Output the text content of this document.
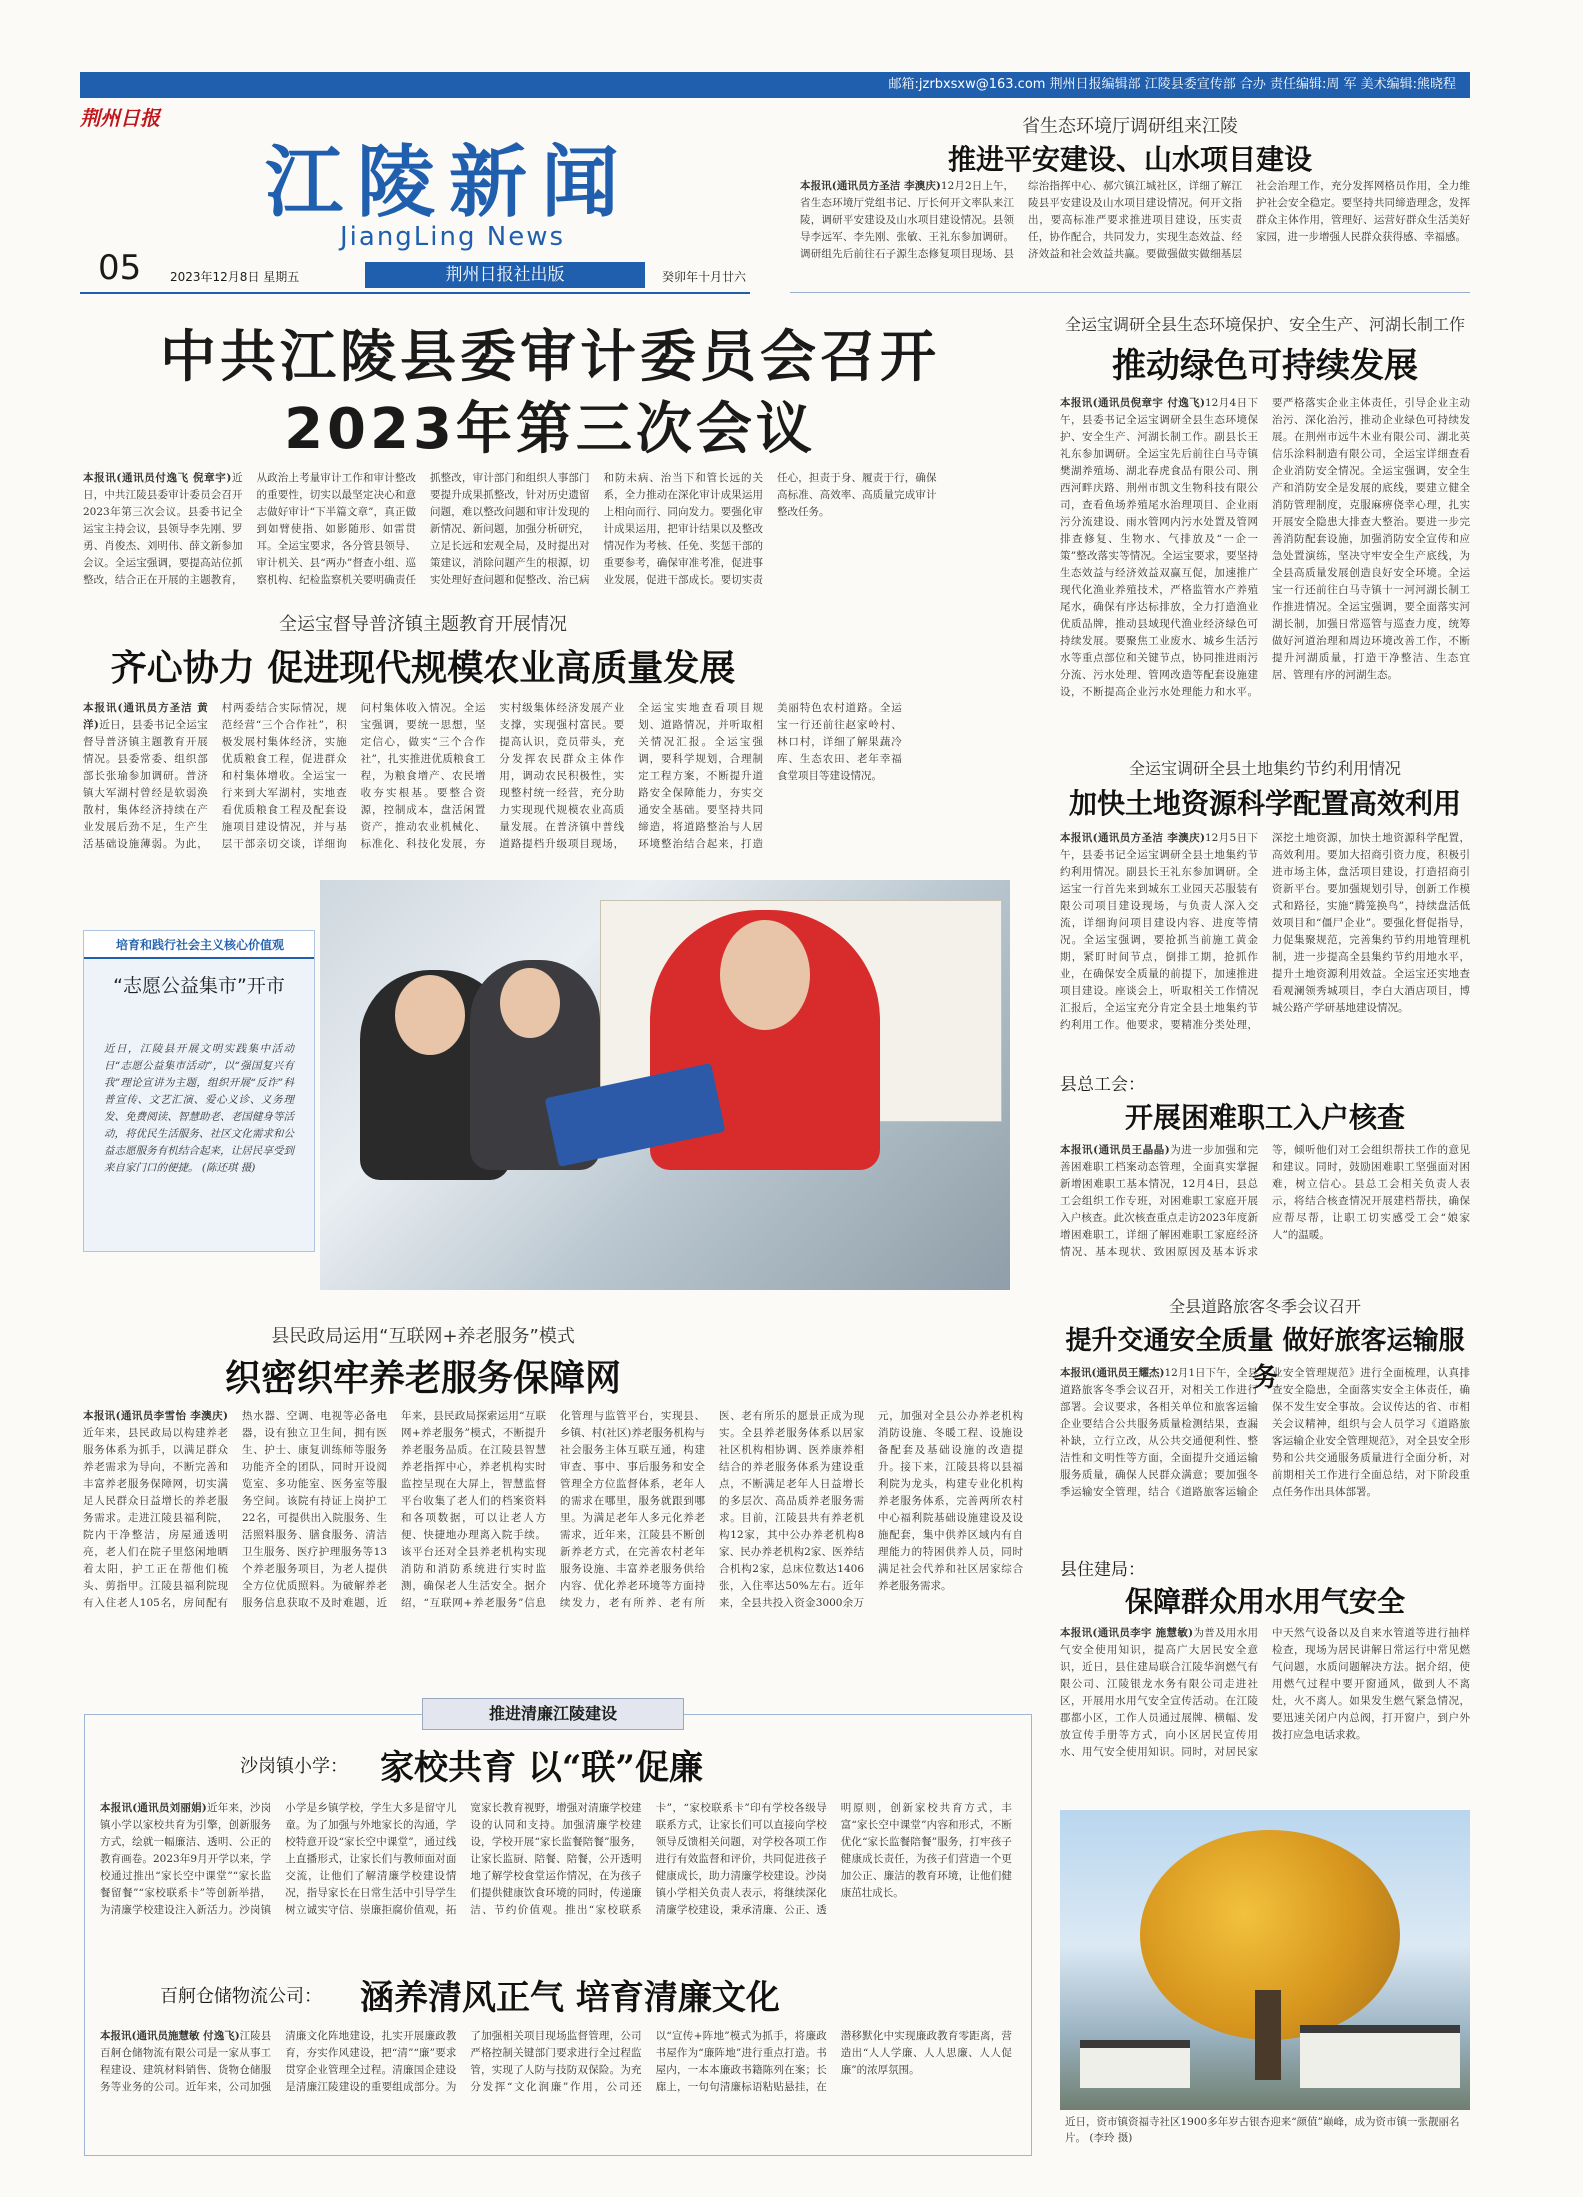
邮箱:jzrbxsxw@163.com 荆州日报编辑部 江陵县委宣传部 合办 责任编辑:周 军 美术编辑:熊晓程
荆州日报
江陵新闻
JiangLing News
05 2023年12月8日 星期五	荆州日报社出版	癸卯年十月廿六
省生态环境厅调研组来江陵
推进平安建设、山水项目建设
本报讯(通讯员方圣洁 李澳庆)12月2日上午，省生态环境厅党组书记、厅长何开文率队来江陵，调研平安建设及山水项目建设情况。县领导李远军、李先刚、张敏、王礼东参加调研。调研组先后前往石子源生态修复项目现场、县综治指挥中心、郝穴镇江城社区，详细了解江陵县平安建设及山水项目建设情况。何开文指出，要高标准严要求推进项目建设，压实责任，协作配合，共同发力，实现生态效益、经济效益和社会效益共赢。要做强做实做细基层社会治理工作，充分发挥网格员作用，全力维护社会安全稳定。要坚持共同缔造理念，发挥群众主体作用，管理好、运营好群众生活美好家园，进一步增强人民群众获得感、幸福感。
中共江陵县委审计委员会召开2023年第三次会议
本报讯(通讯员付逸飞 倪章宇)近日，中共江陵县委审计委员会召开2023年第三次会议。县委书记全运宝主持会议，县领导李先刚、罗勇、肖俊杰、刘明伟、薛文新参加会议。全运宝强调，要提高站位抓整改，结合正在开展的主题教育，从政治上考量审计工作和审计整改的重要性，切实以最坚定决心和意志做好审计“下半篇文章”，真正做到如臂使指、如影随形、如雷贯耳。全运宝要求，各分管县领导、审计机关、县“两办”督查小组、巡察机构、纪检监察机关要明确责任抓整改，审计部门和组织人事部门要提升成果抓整改，针对历史遗留问题，难以整改问题和审计发现的新情况、新问题，加强分析研究，立足长远和宏观全局，及时提出对策建议，消除问题产生的根源，切实处理好查问题和促整改、治已病和防未病、治当下和管长远的关系，全力推动在深化审计成果运用上相向而行、同向发力。要强化审计成果运用，把审计结果以及整改情况作为考核、任免、奖惩干部的重要参考，确保审准考准，促进事业发展，促进干部成长。要切实责任心，担责于身、履责于行，确保高标准、高效率、高质量完成审计整改任务。
全运宝督导普济镇主题教育开展情况
齐心协力 促进现代规模农业高质量发展
本报讯(通讯员方圣洁 黄洋)近日，县委书记全运宝督导普济镇主题教育开展情况。县委常委、组织部部长张瑜参加调研。普济镇大军湖村曾经是软弱涣散村，集体经济持续在产业发展后劲不足，生产生活基础设施薄弱。为此，村两委结合实际情况，规范经营“三个合作社”，积极发展村集体经济，实施优质粮食工程，促进群众和村集体增收。全运宝一行来到大军湖村，实地查看优质粮食工程及配套设施项目建设情况，并与基层干部亲切交谈，详细询问村集体收入情况。全运宝强调，要统一思想，坚定信心，做实“三个合作社”，扎实推进优质粮食工程，为粮食增产、农民增收夯实根基。要整合资源，控制成本，盘活闲置资产，推动农业机械化、标准化、科技化发展，夯实村级集体经济发展产业支撑，实现强村富民。要提高认识，竞员带头，充分发挥农民群众主体作用，调动农民积极性，实现整村统一经营，充分助力实现现代规模农业高质量发展。在普济镇中普线道路提档升级项目现场，全运宝实地查看项目规划、道路情况，并听取相关情况汇报。全运宝强调，要科学规划，合理制定工程方案，不断提升道路安全保障能力，夯实交通安全基础。要坚持共同缔造，将道路整治与人居环境整治结合起来，打造美丽特色农村道路。全运宝一行还前往赵家岭村、林口村，详细了解果蔬冷库、生态农田、老年幸福食堂项目等建设情况。
培育和践行社会主义核心价值观
“志愿公益集市”开市
近日，江陵县开展文明实践集中活动日“志愿公益集市活动”，以“强国复兴有我”理论宣讲为主题，组织开展“反诈”科普宣传、文艺汇演、爱心义诊、义务理发、免费阅读、智慧助老、老国健身等活动，将优民生活服务、社区文化需求和公益志愿服务有机结合起来，让居民享受到来自家门口的便捷。 (陈还琪 摄)
县民政局运用“互联网+养老服务”模式
织密织牢养老服务保障网
本报讯(通讯员李雪怡 李澳庆)近年来，县民政局以构建养老服务体系为抓手，以满足群众养老需求为导向，不断完善和丰富养老服务保障网，切实满足人民群众日益增长的养老服务需求。走进江陵县福利院，院内干净整洁，房屋通透明亮，老人们在院子里悠闲地晒着太阳，护工正在帮他们梳头、剪指甲。江陵县福利院现有入住老人105名，房间配有热水器、空调、电视等必备电器，设有独立卫生间，拥有医生、护士、康复训练师等服务功能齐全的团队，同时开设阅览室、多功能室、医务室等服务空间。该院有持证上岗护工22名，可提供出入院服务、生活照料服务、膳食服务、清洁卫生服务、医疗护理服务等13个养老服务项目，为老人提供全方位优质照料。为破解养老服务信息获取不及时难题，近年来，县民政局探索运用“互联网+养老服务”模式，不断提升养老服务品质。在江陵县智慧养老指挥中心，养老机构实时监控呈现在大屏上，智慧监督平台收集了老人们的档案资料和各项数据，可以让老人方便、快捷地办理离入院手续。该平台还对全县养老机构实现消防和消防系统进行实时监测，确保老人生活安全。据介绍，“互联网+养老服务”信息化管理与监管平台，实现县、乡镇、村(社区)养老服务机构与社会服务主体互联互通，构建审查、事中、事后服务和安全管理全方位监督体系，老年人的需求在哪里，服务就跟到哪里。为满足老年人多元化养老需求，近年来，江陵县不断创新养老方式，在完善农村老年服务设施、丰富养老服务供给内容、优化养老环境等方面持续发力，老有所养、老有所医、老有所乐的愿景正成为现实。全县养老服务体系以居家社区机构相协调、医养康养相结合的养老服务体系为建设重点，不断满足老年人日益增长的多层次、高品质养老服务需求。目前，江陵县共有养老机构12家，其中公办养老机构8家、民办养老机构2家、医养结合机构2家，总床位数达1406张，入住率达50%左右。近年来，全县共投入资金3000余万元，加强对全县公办养老机构消防设施、冬暖工程、设施设备配套及基础设施的改造提升。接下来，江陵县将以县福利院为龙头，构建专业化机构养老服务体系，完善两所农村中心福利院基础设施建设及设施配套，集中供养区域内有自理能力的特困供养人员，同时满足社会代养和社区居家综合养老服务需求。
全运宝调研全县生态环境保护、安全生产、河湖长制工作
推动绿色可持续发展
本报讯(通讯员倪章宇 付逸飞)12月4日下午，县委书记全运宝调研全县生态环境保护、安全生产、河湖长制工作。副县长王礼东参加调研。全运宝先后前往白马寺镇樊湖养殖场、湖北春虎食品有限公司、荆西河畔庆路、荆州市凯文生物科技有限公司，查看鱼场养殖尾水治理项目、企业雨污分流建设、雨水管网内污水处置及管网排查修复、生物水、气排放及“一企一策”整改落实等情况。全运宝要求，要坚持生态效益与经济效益双赢互促，加速推广现代化渔业养殖技术，严格监管水产养殖尾水，确保有序达标排放，全力打造渔业优质品牌，推动县域现代渔业经济绿色可持续发展。要聚焦工业废水、城乡生活污水等重点部位和关键节点，协同推进雨污分流、污水处理、管网改造等配套设施建设，不断提高企业污水处理能力和水平。要严格落实企业主体责任，引导企业主动治污、深化治污，推动企业绿色可持续发展。在荆州市远牛木业有限公司、湖北英信乐涂料制造有限公司，全运宝详细查看企业消防安全情况。全运宝强调，安全生产和消防安全是发展的底线，要建立健全消防管理制度，克服麻痹侥幸心理，扎实开展安全隐患大排查大整治。要进一步完善消防配套设施，加强消防安全宣传和应急处置演练，坚决守牢安全生产底线，为全县高质量发展创造良好安全环境。全运宝一行还前往白马寺镇十一河河湖长制工作推进情况。全运宝强调，要全面落实河湖长制，加强日常巡管与巡查力度，统筹做好河道治理和周边环境改善工作，不断提升河湖质量，打造干净整洁、生态宜居、管理有序的河湖生态。
全运宝调研全县土地集约节约利用情况
加快土地资源科学配置高效利用
本报讯(通讯员方圣洁 李澳庆)12月5日下午，县委书记全运宝调研全县土地集约节约利用情况。副县长王礼东参加调研。全运宝一行首先来到城东工业园天芯服装有限公司项目建设现场，与负责人深入交流，详细询问项目建设内容、进度等情况。全运宝强调，要抢抓当前施工黄金期，紧盯时间节点，倒排工期，抢抓作业，在确保安全质量的前提下，加速推进项目建设。座谈会上，听取相关工作情况汇报后，全运宝充分肯定全县土地集约节约利用工作。他要求，要精准分类处理，深挖土地资源，加快土地资源科学配置，高效利用。要加大招商引资力度，积极引进市场主体，盘活项目建设，打造招商引资新平台。要加强规划引导，创新工作模式和路径，实施“腾笼换鸟”，持续盘活低效项目和“僵尸企业”。要强化督促指导，力促集聚规范，完善集约节约用地管理机制，进一步提高全县集约节约用地水平，提升土地资源利用效益。全运宝还实地查看观澜领秀城项目，李白大酒店项目，博城公路产学研基地建设情况。
县总工会：
开展困难职工入户核查
本报讯(通讯员王晶晶)为进一步加强和完善困难职工档案动态管理，全面真实掌握新增困难职工基本情况，12月4日，县总工会组织工作专班，对困难职工家庭开展入户核查。此次核查重点走访2023年度新增困难职工，详细了解困难职工家庭经济情况、基本现状、致困原因及基本诉求等，倾听他们对工会组织帮扶工作的意见和建议。同时，鼓励困难职工坚强面对困难，树立信心。县总工会相关负责人表示，将结合核查情况开展建档帮扶，确保应帮尽帮，让职工切实感受工会“娘家人”的温暖。
全县道路旅客冬季会议召开
提升交通安全质量 做好旅客运输服务
本报讯(通讯员王耀杰)12月1日下午，全县道路旅客冬季会议召开，对相关工作进行部署。会议要求，各相关单位和旅客运输企业要结合公共服务质量检测结果，查漏补缺，立行立改，从公共交通便利性、整洁性和文明性等方面，全面提升交通运输服务质量，确保人民群众满意；要加强冬季运输安全管理，结合《道路旅客运输企业安全管理规范》进行全面梳理，认真排查安全隐患，全面落实安全主体责任，确保不发生安全事故。会议传达的省、市相关会议精神，组织与会人员学习《道路旅客运输企业安全管理规范》，对全县安全形势和公共交通服务质量进行全面分析，对前期相关工作进行全面总结，对下阶段重点任务作出具体部署。
县住建局：
保障群众用水用气安全
本报讯(通讯员李宇 施慧敏)为普及用水用气安全使用知识，提高广大居民安全意识，近日，县住建局联合江陵华润燃气有限公司、江陵银龙水务有限公司走进社区，开展用水用气安全宣传活动。在江陵郡都小区，工作人员通过展牌、横幅、发放宣传手册等方式，向小区居民宣传用水、用气安全使用知识。同时，对居民家中天然气设备以及自来水管道等进行抽样检查，现场为居民讲解日常运行中常见燃气问题，水质问题解决方法。据介绍，使用燃气过程中要开窗通风，做到人不离灶，火不离人。如果发生燃气紧急情况，要迅速关闭户内总阀，打开窗户，到户外拨打应急电话求救。
近日，资市镇资福寺社区1900多年岁古银杏迎来“颜值”巅峰，成为资市镇一张靓丽名片。 (李玲 摄)
推进清廉江陵建设
沙岗镇小学： 家校共育 以“联”促廉
本报讯(通讯员刘丽娟)近年来，沙岗镇小学以家校共育为引擎，创新服务方式，绘就一幅廉洁、透明、公正的教育画卷。2023年9月开学以来，学校通过推出“家长空中课堂”“家长监餐留餐”“家校联系卡”等创新举措，为清廉学校建设注入新活力。沙岗镇小学是乡镇学校，学生大多是留守儿童。为了加强与外地家长的沟通，学校特意开设“家长空中课堂”，通过线上直播形式，让家长们与教师面对面交流，让他们了解清廉学校建设情况，指导家长在日常生活中引导学生树立诚实守信、崇廉拒腐价值观，拓宽家长教育视野，增强对清廉学校建设的认同和支持。加强清廉学校建设，学校开展“家长监餐陪餐”服务，让家长监厨、陪餐、陪餐，公开透明地了解学校食堂运作情况，在为孩子们提供健康饮食环境的同时，传递廉洁、节约价值观。推出“家校联系卡”，“家校联系卡”印有学校各级导联系方式，让家长们可以直接向学校领导反馈相关问题，对学校各项工作进行有效监督和评价，共同促进孩子健康成长，助力清廉学校建设。沙岗镇小学相关负责人表示，将继续深化清廉学校建设，秉承清廉、公正、透明原则，创新家校共育方式，丰富“家长空中课堂”内容和形式，不断优化“家长监餐陪餐”服务，打牢孩子健康成长责任，为孩子们营造一个更加公正、廉洁的教育环境，让他们健康茁壮成长。
百舸仓储物流公司： 涵养清风正气 培育清廉文化
本报讯(通讯员施慧敏 付逸飞)江陵县百舸仓储物流有限公司是一家从事工程建设、建筑材料销售、货物仓储服务等业务的公司。近年来，公司加强清廉文化阵地建设，扎实开展廉政教育，夯实作风建设，把“清”“廉”要求贯穿企业管理全过程。清廉国企建设是清廉江陵建设的重要组成部分。为了加强相关项目现场监督管理，公司严格控制关键部门要求进行全过程监管，实现了人防与技防双保险。为充分发挥“文化润廉”作用，公司还以“宣传+阵地”模式为抓手，将廉政书屋作为“廉阵地”进行重点打造。书屋内，一本本廉政书籍陈列在案；长廊上，一句句清廉标语粘贴悬挂，在潜移默化中实现廉政教育零距离，营造出“人人学廉、人人思廉、人人促廉”的浓厚氛围。
